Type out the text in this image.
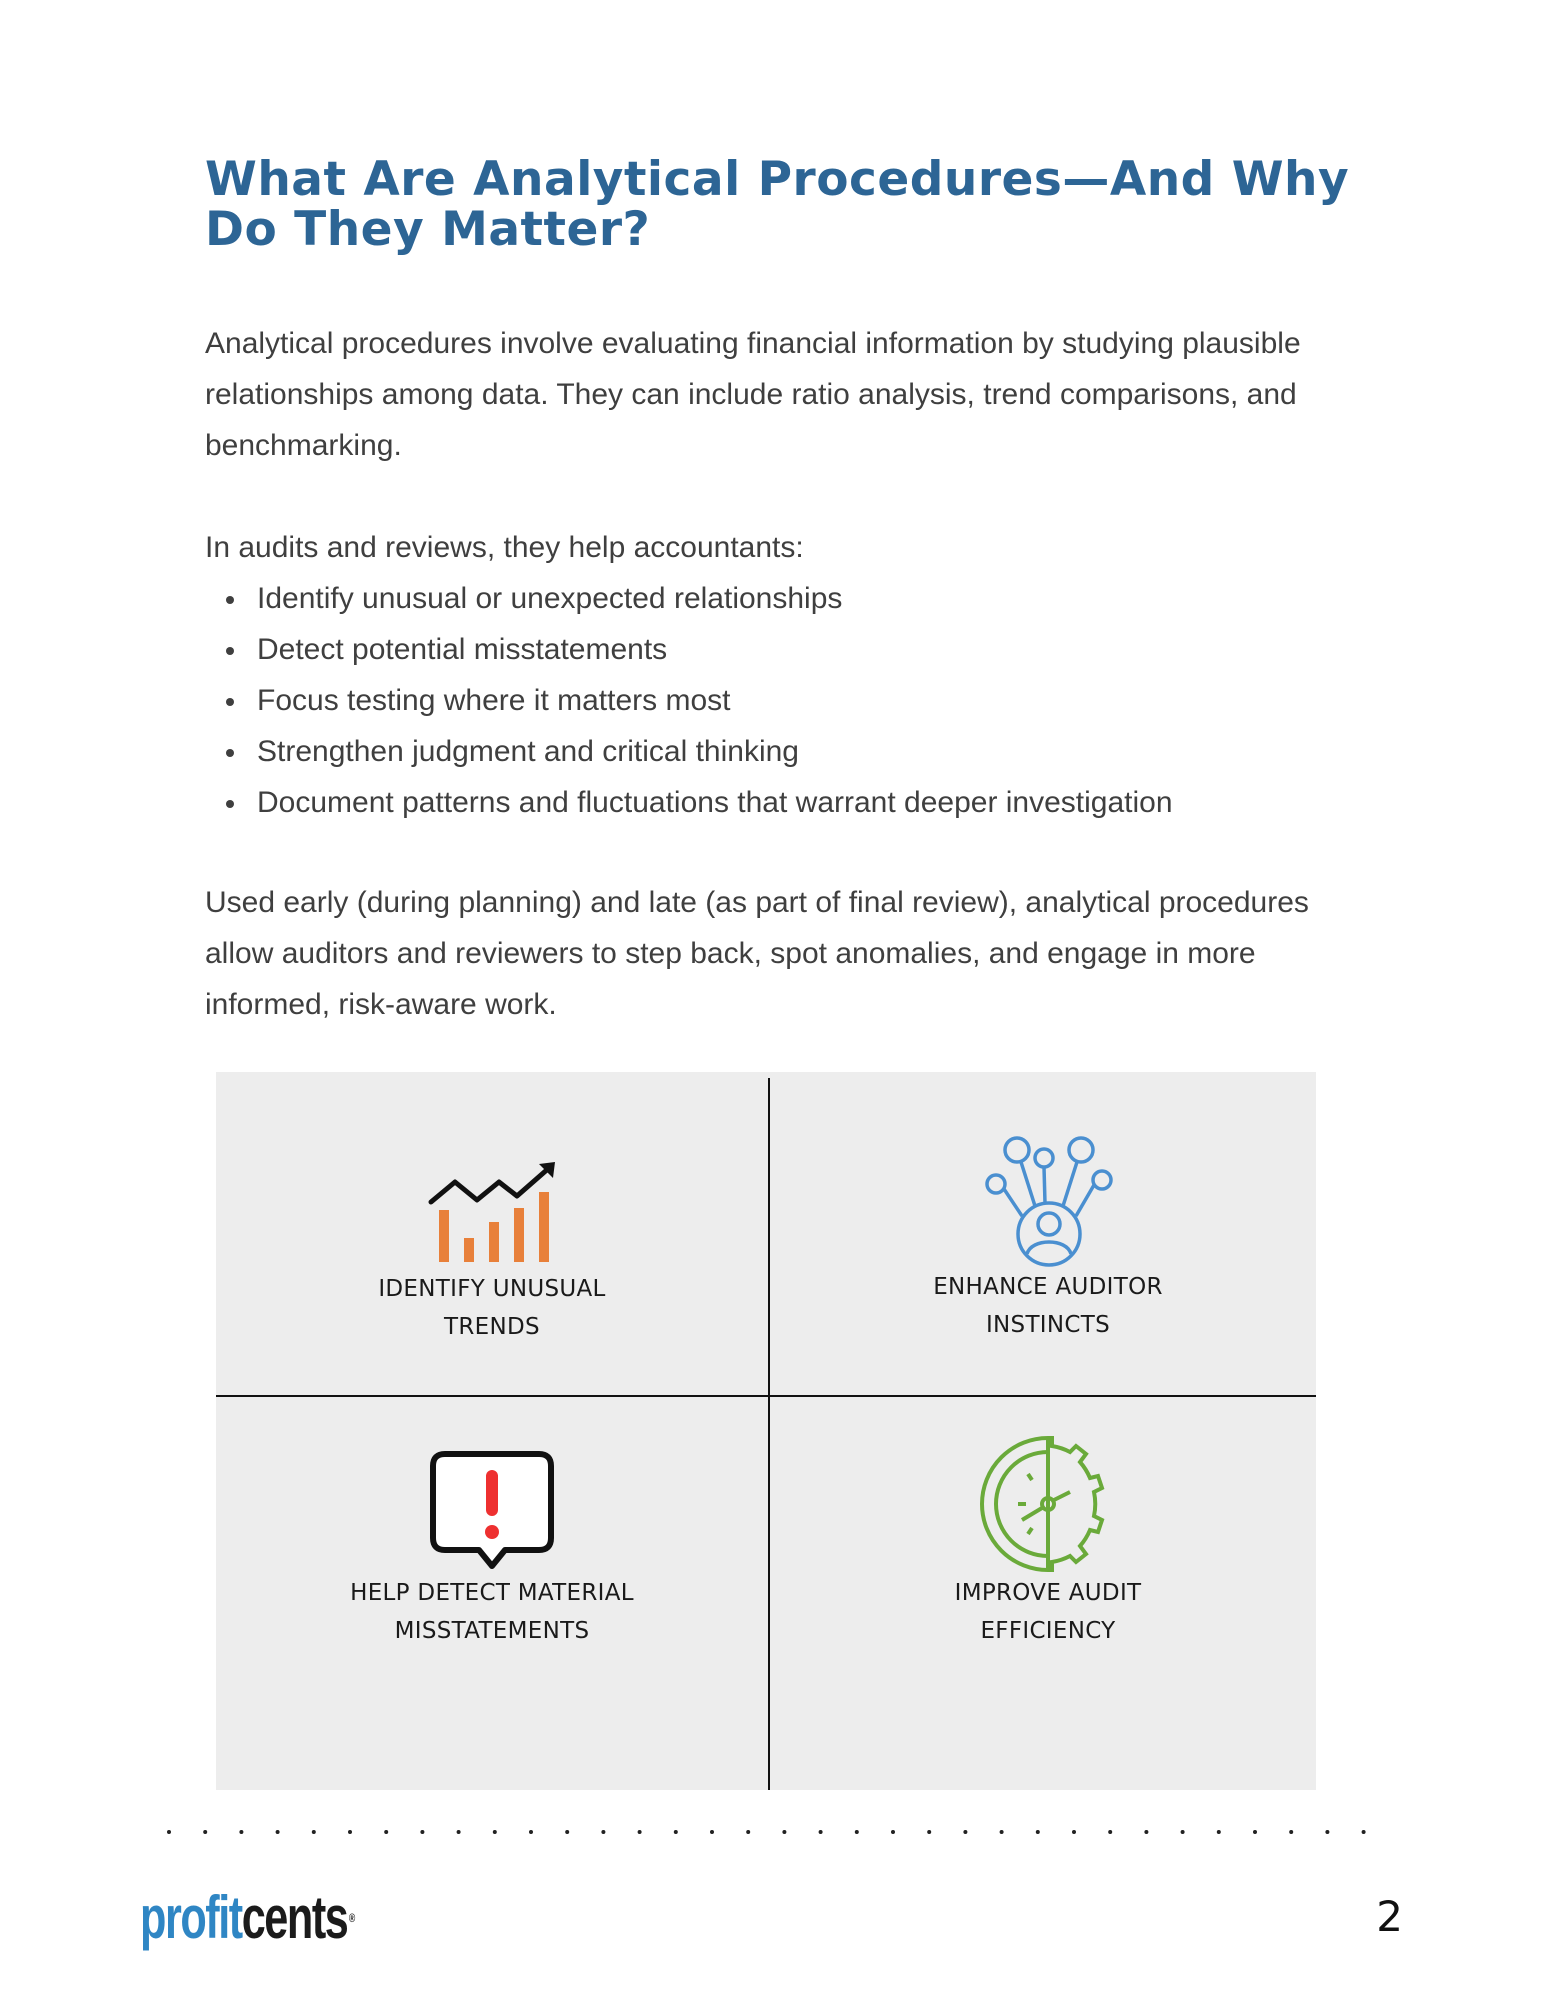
What Are Analytical Procedures—And Why Do They Matter?

Analytical procedures involve evaluating financial information by studying plausible relationships among data. They can include ratio analysis, trend comparisons, and benchmarking.

In audits and reviews, they help accountants:

Identify unusual or unexpected relationships
Detect potential misstatements
Focus testing where it matters most
Strengthen judgment and critical thinking
Document patterns and fluctuations that warrant deeper investigation

Used early (during planning) and late (as part of final review), analytical procedures allow auditors and reviewers to step back, spot anomalies, and engage in more informed, risk-aware work.

IDENTIFY UNUSUAL TRENDS
ENHANCE AUDITOR INSTINCTS
HELP DETECT MATERIAL MISSTATEMENTS
IMPROVE AUDIT EFFICIENCY
profitcents®	2
